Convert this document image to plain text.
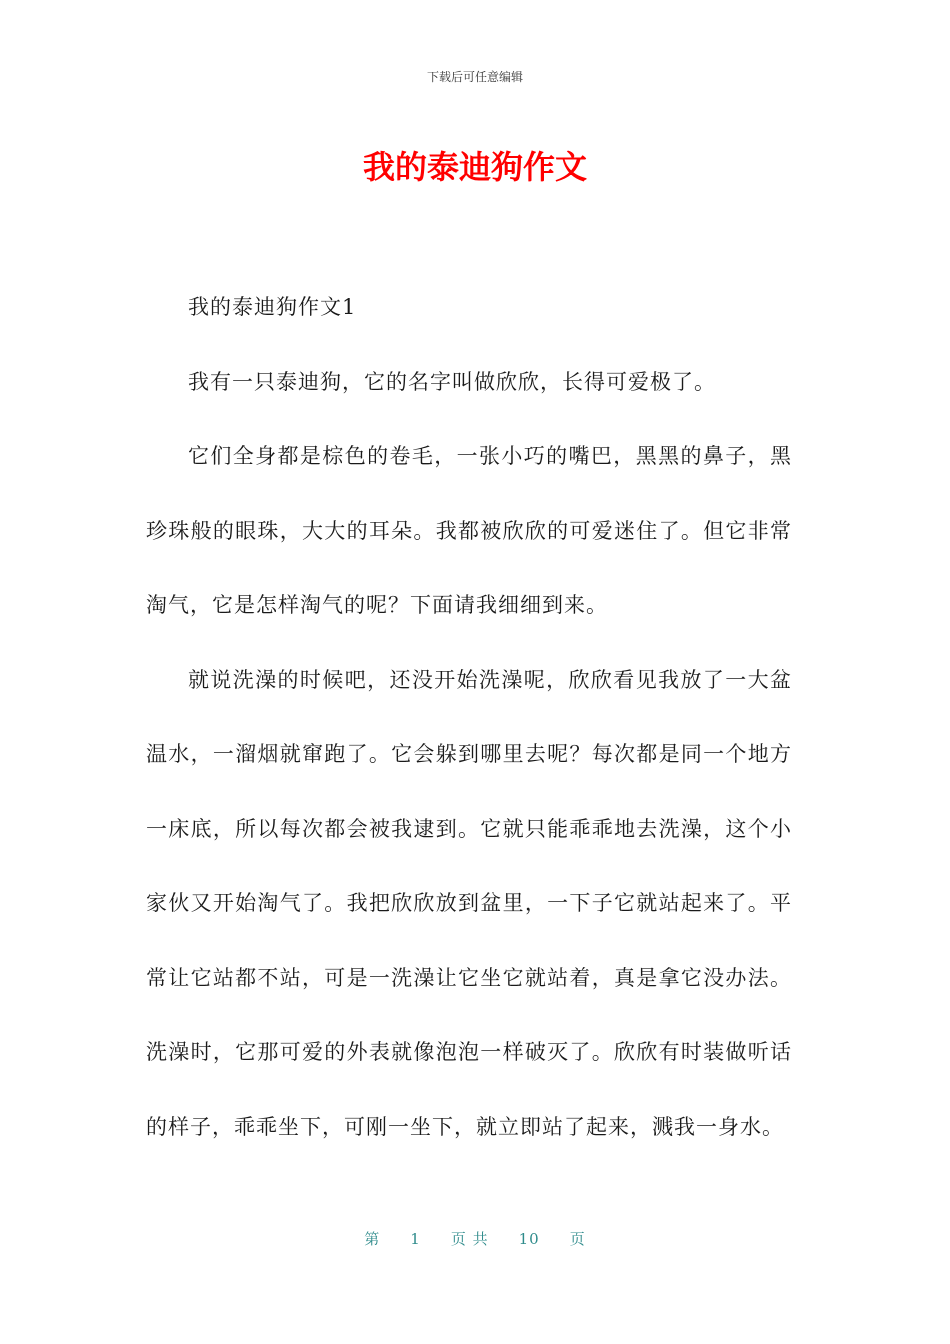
下载后可任意编辑
我的泰迪狗作文

我的泰迪狗作文1

我有一只泰迪狗，它的名字叫做欣欣，长得可爱极了。

它们全身都是棕色的卷毛，一张小巧的嘴巴，黑黑的鼻子，黑珍珠般的眼珠，大大的耳朵。我都被欣欣的可爱迷住了。但它非常淘气，它是怎样淘气的呢？下面请我细细到来。

就说洗澡的时候吧，还没开始洗澡呢，欣欣看见我放了一大盆温水，一溜烟就窜跑了。它会躲到哪里去呢？每次都是同一个地方一床底，所以每次都会被我逮到。它就只能乖乖地去洗澡，这个小家伙又开始淘气了。我把欣欣放到盆里，一下子它就站起来了。平常让它站都不站，可是一洗澡让它坐它就站着，真是拿它没办法。洗澡时，它那可爱的外表就像泡泡一样破灭了。欣欣有时装做听话的样子，乖乖坐下，可刚一坐下，就立即站了起来，溅我一身水。

第 1 页 共 10 页
